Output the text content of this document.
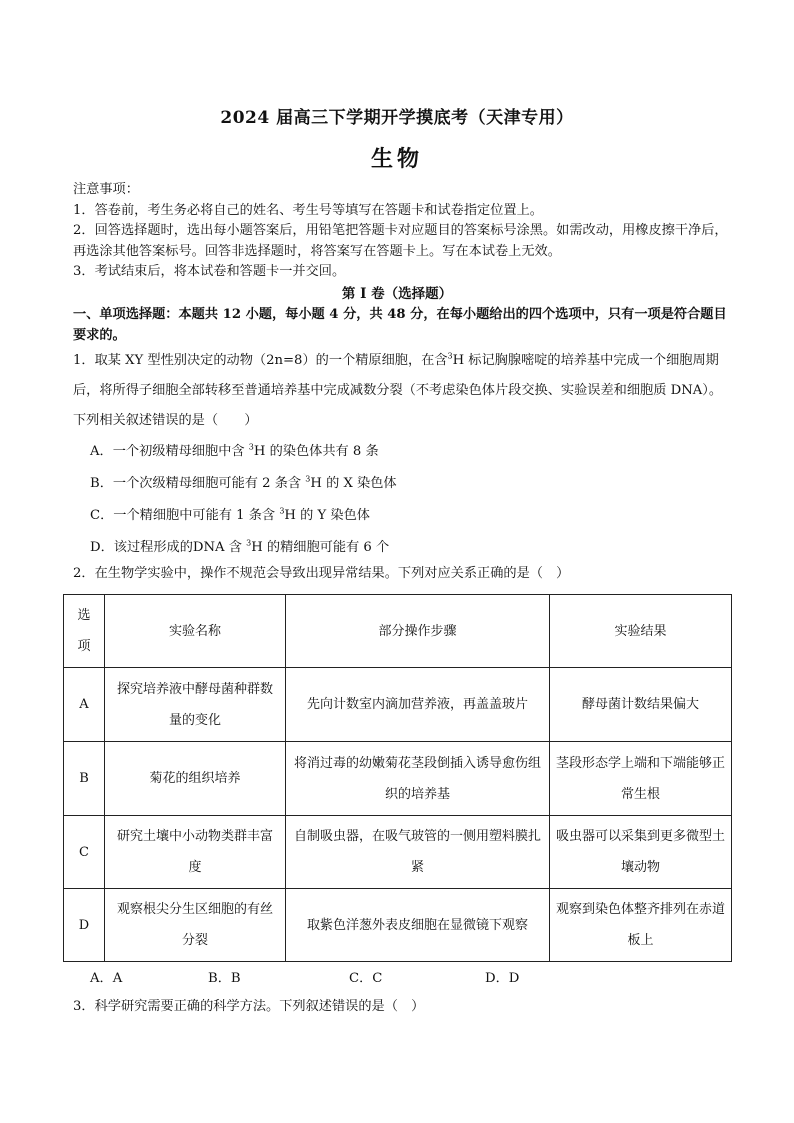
2024 届高三下学期开学摸底考（天津专用）
生物

注意事项：

1．答卷前，考生务必将自己的姓名、考生号等填写在答题卡和试卷指定位置上。

2．回答选择题时，选出每小题答案后，用铅笔把答题卡对应题目的答案标号涂黑。如需改动，用橡皮擦干净后，再选涂其他答案标号。回答非选择题时，将答案写在答题卡上。写在本试卷上无效。

3．考试结束后，将本试卷和答题卡一并交回。

第 I 卷（选择题）
一、单项选择题：本题共 12 小题，每小题 4 分，共 48 分，在每小题给出的四个选项中，只有一项是符合题目要求的。

1．取某 XY 型性别决定的动物（2n=8）的一个精原细胞，在含$^3$H 标记胸腺嘧啶的培养基中完成一个细胞周期后，将所得子细胞全部转移至普通培养基中完成减数分裂（不考虑染色体片段交换、实验误差和细胞质 DNA）。下列相关叙述错误的是（　　）

A．一个初级精母细胞中含 $^3$H 的染色体共有 8 条

B．一个次级精母细胞可能有 2 条含 $^3$H 的 X 染色体

C．一个精细胞中可能有 1 条含 $^3$H 的 Y 染色体

D．该过程形成的DNA 含 $^3$H 的精细胞可能有 6 个

2．在生物学实验中，操作不规范会导致出现异常结果。下列对应关系正确的是（　）

选项	实验名称	部分操作步骤	实验结果
A	探究培养液中酵母菌种群数量的变化	先向计数室内滴加营养液，再盖盖玻片	酵母菌计数结果偏大
B	菊花的组织培养	将消过毒的幼嫩菊花茎段倒插入诱导愈伤组织的培养基	茎段形态学上端和下端能够正常生根
C	研究土壤中小动物类群丰富度	自制吸虫器，在吸气玻管的一侧用塑料膜扎紧	吸虫器可以采集到更多微型土壤动物
D	观察根尖分生区细胞的有丝分裂	取紫色洋葱外表皮细胞在显微镜下观察	观察到染色体整齐排列在赤道板上
A．A	B．B	C．C	D．D

3．科学研究需要正确的科学方法。下列叙述错误的是（　）
